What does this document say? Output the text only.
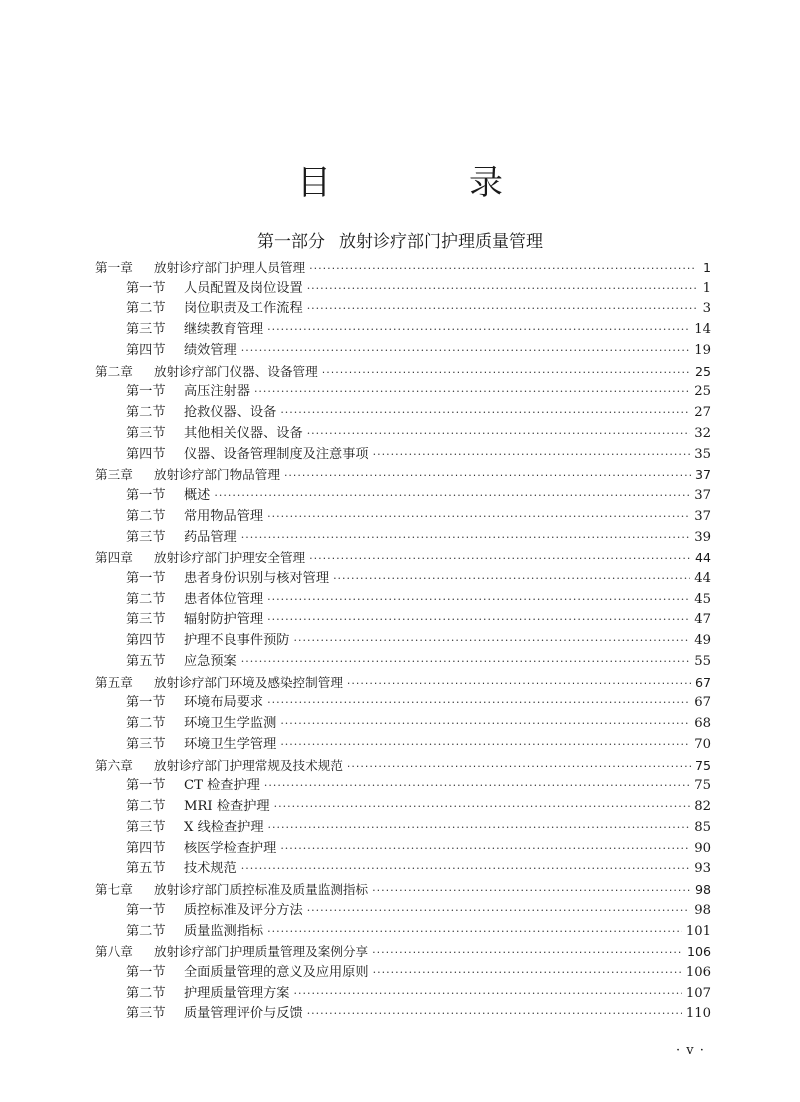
目　录
第一部分 放射诊疗部门护理质量管理
第一章	放射诊疗部门护理人员管理 ·····	1
第一节	人员配置及岗位设置 ·····	1
第二节	岗位职责及工作流程 ·····	3
第三节	继续教育管理 ·····	14
第四节	绩效管理 ·····	19
第二章	放射诊疗部门仪器、设备管理 ·····	25
第一节	高压注射器 ·····	25
第二节	抢救仪器、设备 ·····	27
第三节	其他相关仪器、设备 ·····	32
第四节	仪器、设备管理制度及注意事项 ·····	35
第三章	放射诊疗部门物品管理 ·····	37
第一节	概述 ·····	37
第二节	常用物品管理 ·····	37
第三节	药品管理 ·····	39
第四章	放射诊疗部门护理安全管理 ·····	44
第一节	患者身份识别与核对管理 ·····	44
第二节	患者体位管理 ·····	45
第三节	辐射防护管理 ·····	47
第四节	护理不良事件预防 ·····	49
第五节	应急预案 ·····	55
第五章	放射诊疗部门环境及感染控制管理 ·····	67
第一节	环境布局要求 ·····	67
第二节	环境卫生学监测 ·····	68
第三节	环境卫生学管理 ·····	70
第六章	放射诊疗部门护理常规及技术规范 ·····	75
第一节	CT 检查护理 ·····	75
第二节	MRI 检查护理 ·····	82
第三节	X 线检查护理 ·····	85
第四节	核医学检查护理 ·····	90
第五节	技术规范 ·····	93
第七章	放射诊疗部门质控标准及质量监测指标 ·····	98
第一节	质控标准及评分方法 ·····	98
第二节	质量监测指标 ·····	101
第八章	放射诊疗部门护理质量管理及案例分享 ·····	106
第一节	全面质量管理的意义及应用原则 ·····	106
第二节	护理质量管理方案 ·····	107
第三节	质量管理评价与反馈 ·····	110
· v ·
